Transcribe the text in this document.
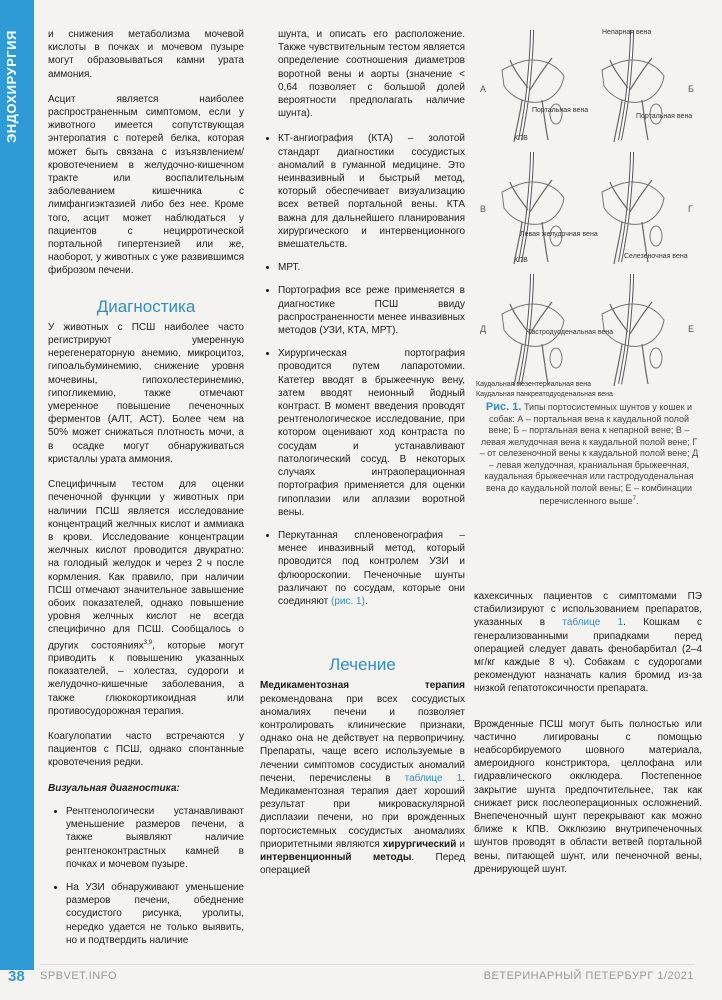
ЭНДОХИРУРГИЯ	и снижения метаболизма мочевой кислоты в почках и мочевом пузыре могут образовываться камни урата аммония.

Асцит является наиболее распространенным симптомом, если у животного имеется сопутствующая энтеропатия с потерей белка, которая может быть связана с изъязвлением/кровотечением в желудочно-кишечном тракте или воспалительным заболеванием кишечника с лимфангиэктазией либо без нее. Кроме того, асцит может наблюдаться у пациентов с нецирротической портальной гипертензией или же, наоборот, у животных с уже развившимся фиброзом печени.

Диагностика

У животных с ПСШ наиболее часто регистрируют умеренную нерегенераторную анемию, микроцитоз, гипоальбуминемию, снижение уровня мочевины, гипохолестеринемию, гипогликемию, также отмечают умеренное повышение печеночных ферментов (АЛТ, АСТ). Более чем на 50% может снижаться плотность мочи, а в осадке могут обнаруживаться кристаллы урата аммония.

Специфичным тестом для оценки печеночной функции у животных при наличии ПСШ является исследование концентраций желчных кислот и аммиака в крови. Исследование концентрации желчных кислот проводится двукратно: на голодный желудок и через 2 ч после кормления. Как правило, при наличии ПСШ отмечают значительное завышение обоих показателей, однако повышение уровня желчных кислот не всегда специфично для ПСШ. Сообщалось о других состояниях$^{3,9}$, которые могут приводить к повышению указанных показателей, – холестаз, судороги и желудочно-кишечные заболевания, а также глюкокортикоидная или противосудорожная терапия.

Коагулопатии часто встречаются у пациентов с ПСШ, однако спонтанные кровотечения редки.

Визуальная диагностика:
• Рентгенологически устанавливают уменьшение размеров печени, а также выявляют наличие рентгеноконтрастных камней в почках и мочевом пузыре.
• На УЗИ обнаруживают уменьшение размеров печени, обеднение сосудистого рисунка, уролиты, нередко удается не только выявить, но и подтвердить наличие

шунта, и описать его расположение. Также чувствительным тестом является определение соотношения диаметров воротной вены и аорты (значение < 0,64 позволяет с большой долей вероятности предполагать наличие шунта).

• КТ-ангиография (КТА) – золотой стандарт диагностики сосудистых аномалий в гуманной медицине. Это неинвазивный и быстрый метод, который обеспечивает визуализацию всех ветвей портальной вены. КТА важна для дальнейшего планирования хирургического и интервенционного вмешательств.
• МРТ.
• Портография все реже применяется в диагностике ПСШ ввиду распространенности менее инвазивных методов (УЗИ, КТА, МРТ).
• Хирургическая портография проводится путем лапаротомии. Катетер вводят в брыжеечную вену, затем вводят неионный йодный контраст. В момент введения проводят рентгенологическое исследование, при котором оценивают ход контраста по сосудам и устанавливают патологический сосуд. В некоторых случаях интраоперационная портография применяется для оценки гипоплазии или аплазии воротной вены.
• Перкутанная спленовенография – менее инвазивный метод, который проводится под контролем УЗИ и флюороскопии. Печеночные шунты различают по сосудам, которые они соединяют (рис. 1).
Лечение

Медикаментозная терапия рекомендована при всех сосудистых аномалиях печени и позволяет контролировать клинические признаки, однако она не действует на первопричину. Препараты, чаще всего используемые в лечении симптомов сосудистых аномалий печени, перечислены в таблице 1. Медикаментозная терапия дает хороший результат при микроваскулярной дисплазии печени, но при врожденных портосистемных сосудистых аномалиях приоритетными являются хирургический и интервенционный методы. Перед операцией

А	Б
В	Г
Д	Е
Непарная вена
Портальная вена
КПВ
Портальная вена
Левая желудочная вена
КПВ
Селезеночная вена
Гастродуоденальная вена
Каудальная мезентериальная вена
Каудальная панкреатодуоденальная вена
Рис. 1. Типы портосистемных шунтов у кошек и собак: А – портальная вена к каудальной полой вене; Б – портальная вена к непарной вене; В – левая желудочная вена к каудальной полой вене; Г – от селезеночной вены к каудальной полой вене; Д – левая желудочная, краниальная брыжеечная, каудальная брыжеечная или гастродуоденальная вена до каудальной полой вены; Е – комбинации перечисленного выше$^7$.

кахексичных пациентов с симптомами ПЭ стабилизируют с использованием препаратов, указанных в таблице 1. Кошкам с генерализованными припадками перед операцией следует давать фенобарбитал (2–4 мг/кг каждые 8 ч). Собакам с судорогами рекомендуют назначать калия бромид из-за низкой гепатотоксичности препарата.

Врожденные ПСШ могут быть полностью или частично лигированы с помощью неабсорбируемого шовного материала, амероидного констриктора, целлофана или гидравлического окклюдера. Постепенное закрытие шунта предпочтительнее, так как снижает риск послеоперационных осложнений. Внепеченочный шунт перекрывают как можно ближе к КПВ. Окклюзию внутрипеченочных шунтов проводят в области ветвей портальной вены, питающей шунт, или печеночной вены, дренирующей шунт.

38 SPBVET.INFO	ВЕТЕРИНАРНЫЙ ПЕТЕРБУРГ 1/2021
